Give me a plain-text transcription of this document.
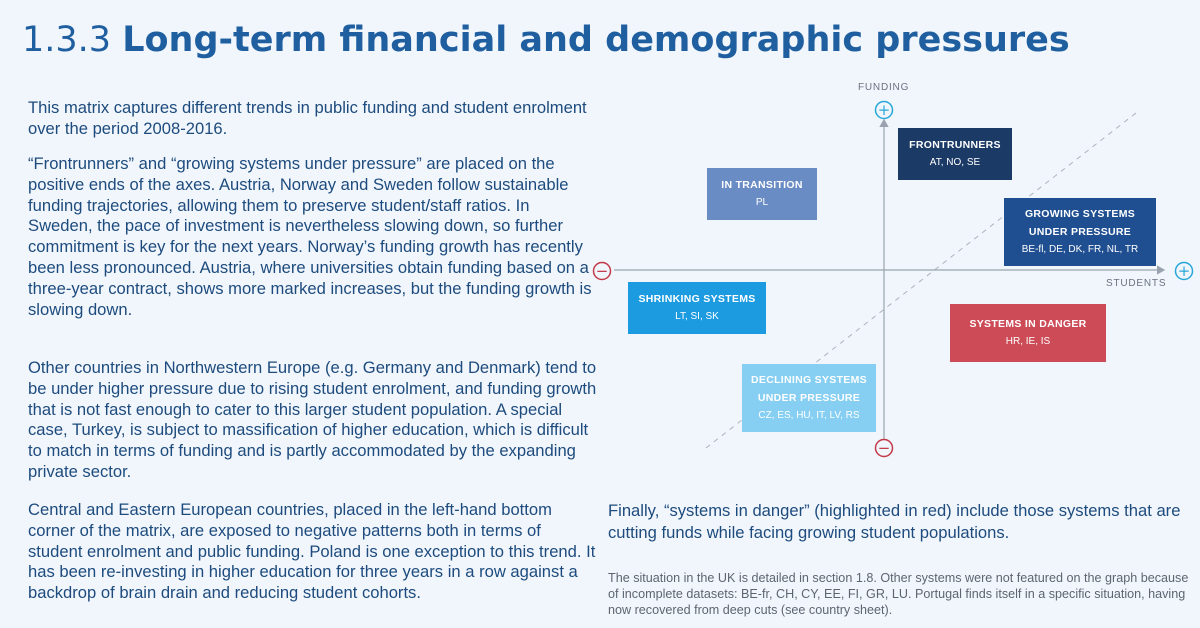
1.3.3 Long-term financial and demographic pressures

This matrix captures different trends in public funding and student enrolment over the period 2008-2016.

“Frontrunners” and “growing systems under pressure” are placed on the positive ends of the axes. Austria, Norway and Sweden follow sustainable funding trajectories, allowing them to preserve student/staff ratios. In Sweden, the pace of investment is nevertheless slowing down, so further commitment is key for the next years. Norway’s funding growth has recently been less pronounced. Austria, where universities obtain funding based on a three-year contract, shows more marked increases, but the funding growth is slowing down.

Other countries in Northwestern Europe (e.g. Germany and Denmark) tend to be under higher pressure due to rising student enrolment, and funding growth that is not fast enough to cater to this larger student population. A special case, Turkey, is subject to massification of higher education, which is difficult to match in terms of funding and is partly accommodated by the expanding private sector.

Central and Eastern European countries, placed in the left-hand bottom corner of the matrix, are exposed to negative patterns both in terms of student enrolment and public funding. Poland is one exception to this trend. It has been re-investing in higher education for three years in a row against a backdrop of brain drain and reducing student cohorts.

Finally, “systems in danger” (highlighted in red) include those systems that are cutting funds while facing growing student populations.

The situation in the UK is detailed in section 1.8. Other systems were not featured on the graph because of incomplete datasets: BE-fr, CH, CY, EE, FI, GR, LU. Portugal finds itself in a specific situation, having now recovered from deep cuts (see country sheet).

+
−
−	+
FUNDING
STUDENTS
FRONTRUNNERS
AT, NO, SE
IN TRANSITION
PL
GROWING SYSTEMS
UNDER PRESSURE
BE-fl, DE, DK, FR, NL, TR
SHRINKING SYSTEMS
LT, SI, SK
SYSTEMS IN DANGER
HR, IE, IS
DECLINING SYSTEMS
UNDER PRESSURE
CZ, ES, HU, IT, LV, RS
